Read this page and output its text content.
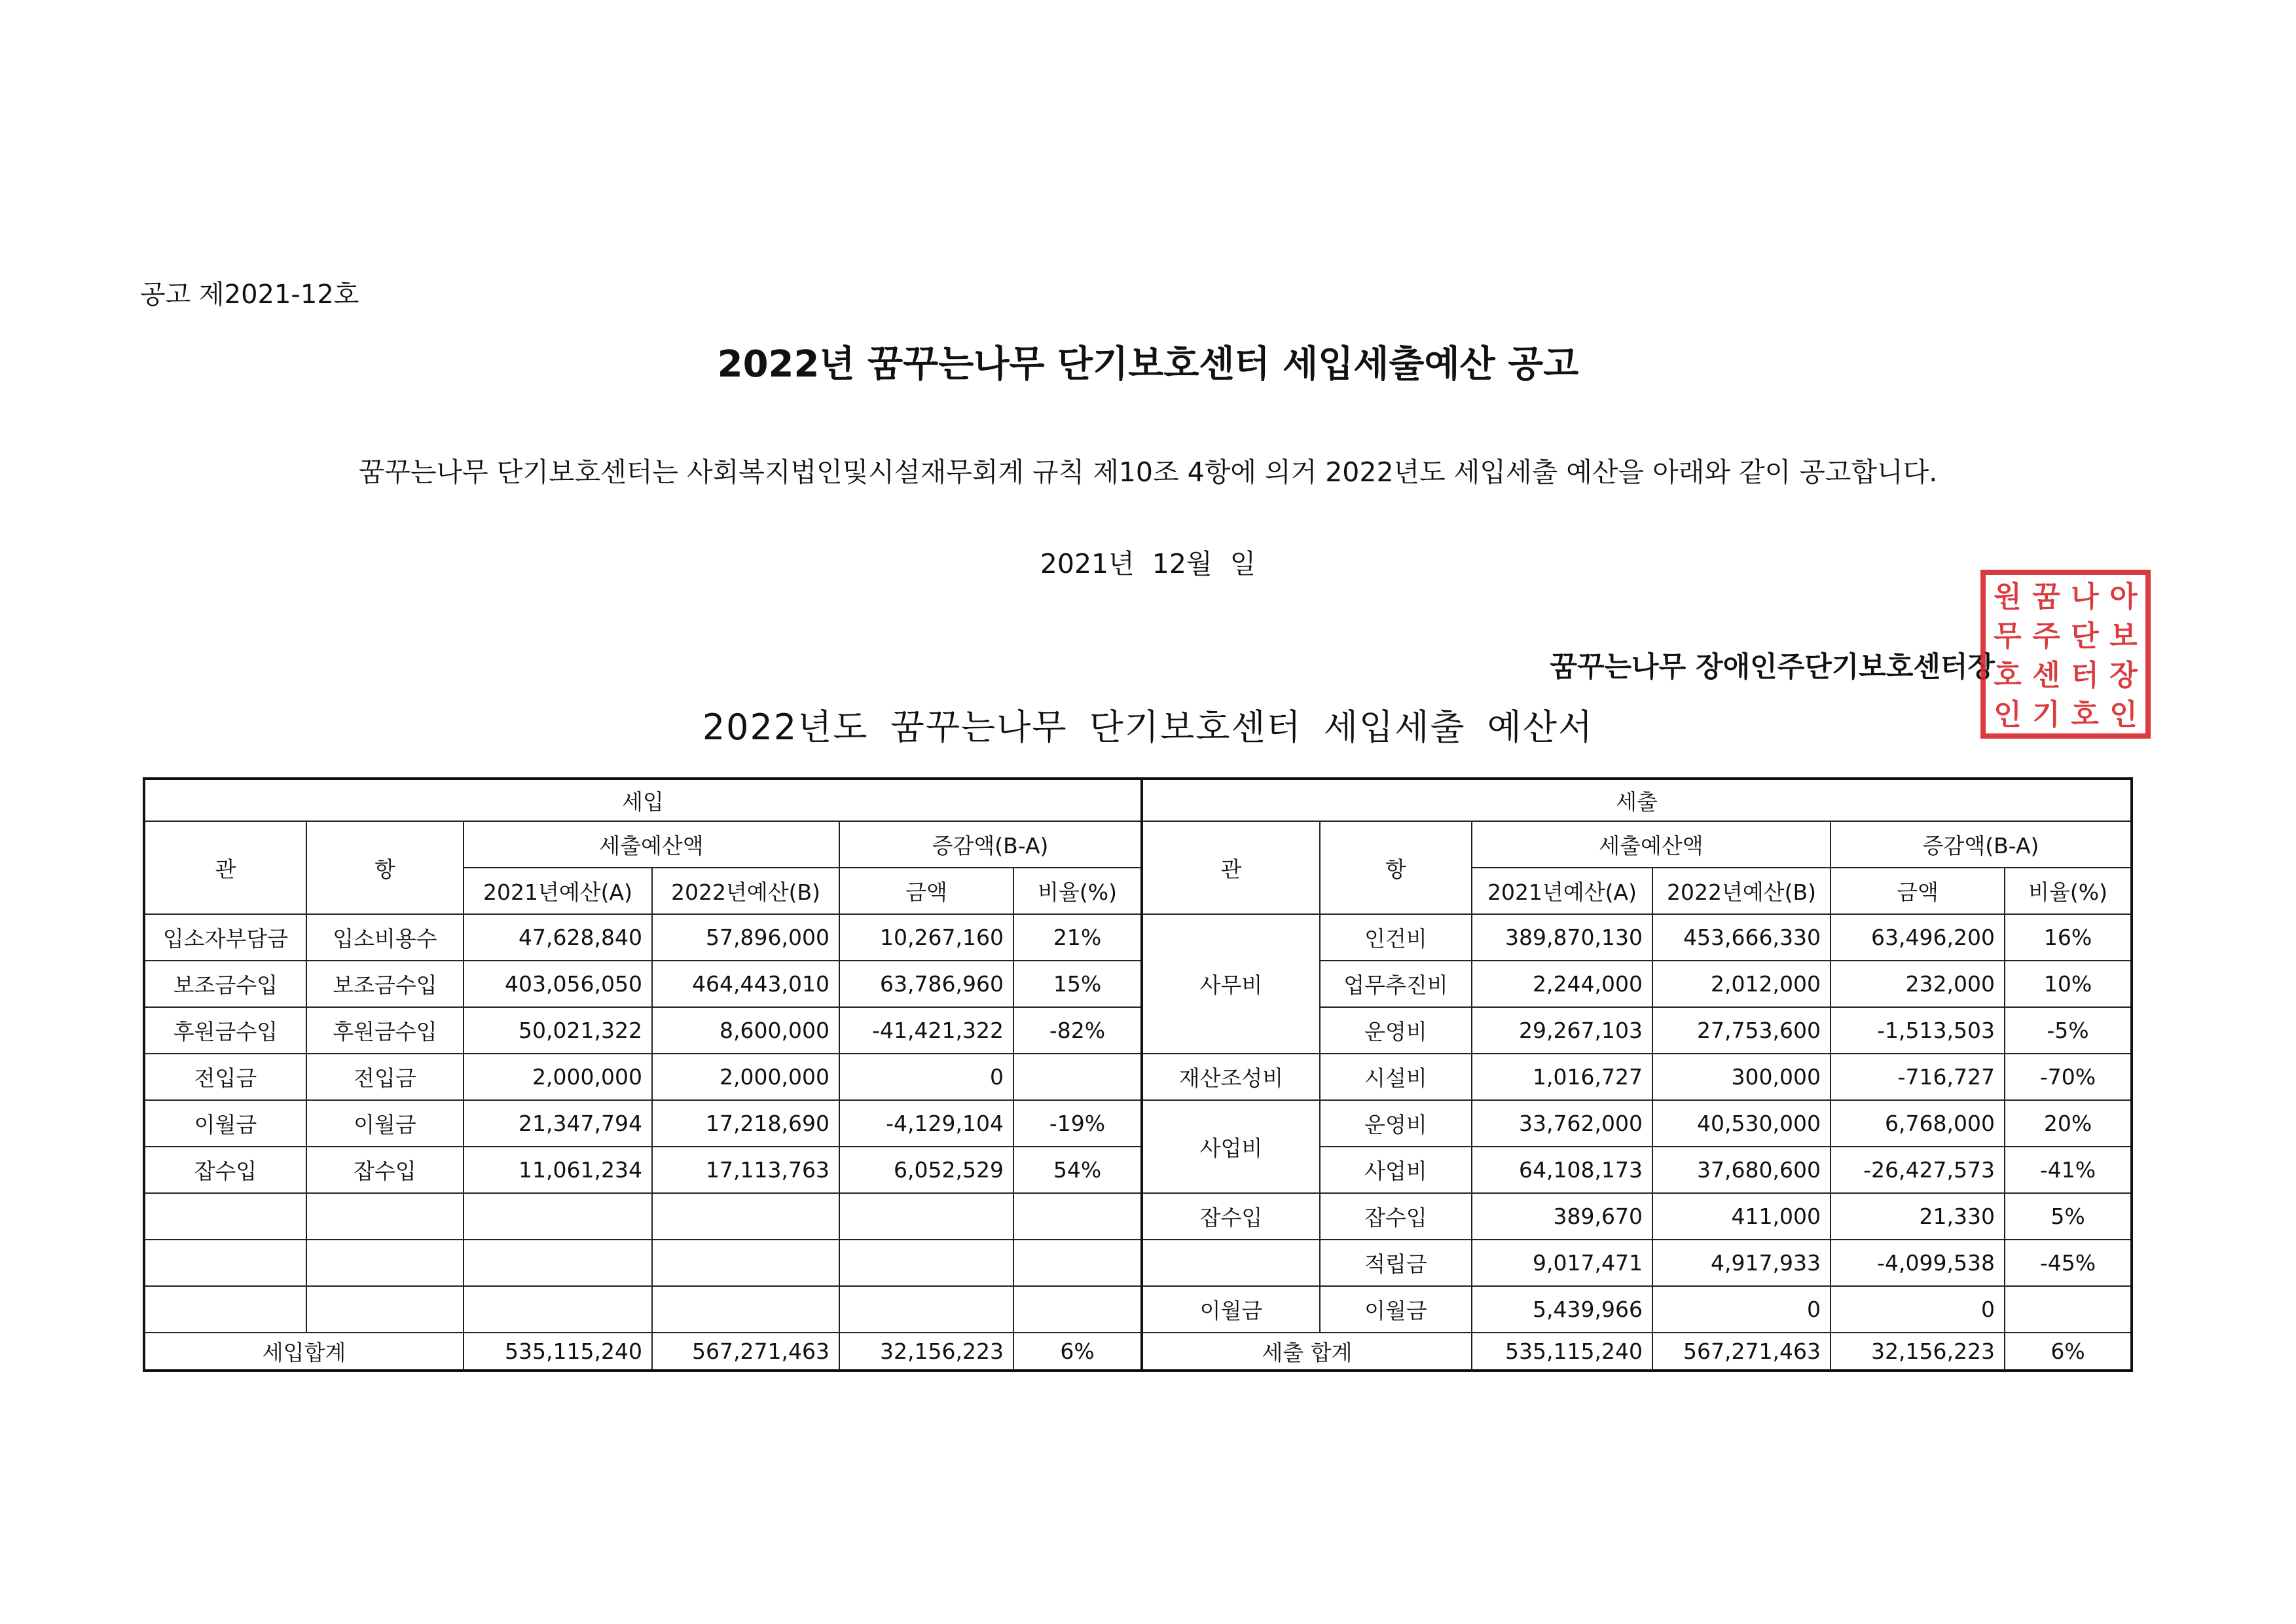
공고 제2021-12호
2022년 꿈꾸는나무 단기보호센터 세입세출예산 공고
꿈꾸는나무 단기보호센터는 사회복지법인및시설재무회계 규칙 제10조 4항에 의거 2022년도 세입세출 예산을 아래와 같이 공고합니다.
2021년 12월 일
꿈꾸는나무 장애인주단기보호센터장
원 꿈 나 아
무 주 단 보
호 센 터 장
인 기 호 인
2022년도 꿈꾸는나무 단기보호센터 세입세출 예산서
세입					
관	항	세출예산액		증감액(B-A)	
		2021년예산(A)	2022년예산(B)	금액	비율(%)
입소자부담금	입소비용수	47,628,840	57,896,000	10,267,160	21%
보조금수입	보조금수입	403,056,050	464,443,010	63,786,960	15%
후원금수입	후원금수입	50,021,322	8,600,000	-41,421,322	-82%
전입금	전입금	2,000,000	2,000,000	0	
이월금	이월금	21,347,794	17,218,690	-4,129,104	-19%
잡수입	잡수입	11,061,234	17,113,763	6,052,529	54%

세입합계		535,115,240	567,271,463	32,156,223	6%
세출					
관	항	세출예산액		증감액(B-A)	
		2021년예산(A)	2022년예산(B)	금액	비율(%)
사무비	인건비	389,870,130	453,666,330	63,496,200	16%
	업무추진비	2,244,000	2,012,000	232,000	10%
	운영비	29,267,103	27,753,600	-1,513,503	-5%
재산조성비	시설비	1,016,727	300,000	-716,727	-70%
사업비	운영비	33,762,000	40,530,000	6,768,000	20%
	사업비	64,108,173	37,680,600	-26,427,573	-41%
잡수입	잡수입	389,670	411,000	21,330	5%
	적립금	9,017,471	4,917,933	-4,099,538	-45%
이월금	이월금	5,439,966	0	0	
세출 합계		535,115,240	567,271,463	32,156,223	6%
